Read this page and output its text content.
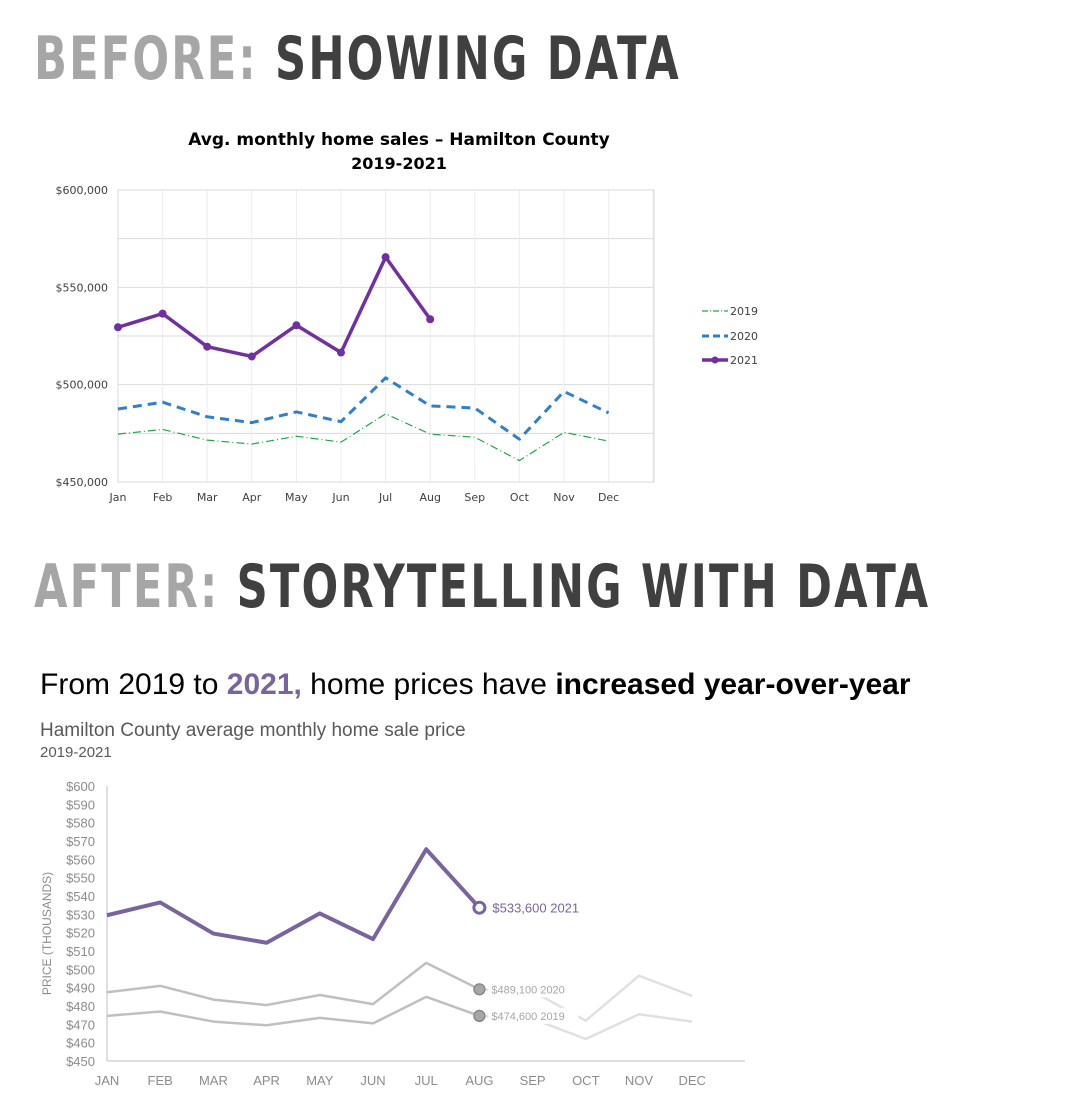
BEFORE: SHOWING DATA
Avg. monthly home sales – Hamilton County
2019-2021
$600,000
$550,000
$500,000
$450,000
Jan Feb Mar Apr May Jun	Jul Aug Sep Oct Nov Dec
2019
2020
2021
AFTER: STORYTELLING WITH DATA
From 2019 to 2021, home prices have increased year-over-year
Hamilton County average monthly home sale price
2019-2021
PRICE (THOUSANDS)
$600
$590
$580
$570
$560
$550
$540
$530
$520
$510
$500
$490
$480
$470
$460
$450
JAN FEB MAR APR MAY JUN JUL AUG SEP OCT NOV DEC
$489,100 2020
$474,600 2019
$533,600 2021
